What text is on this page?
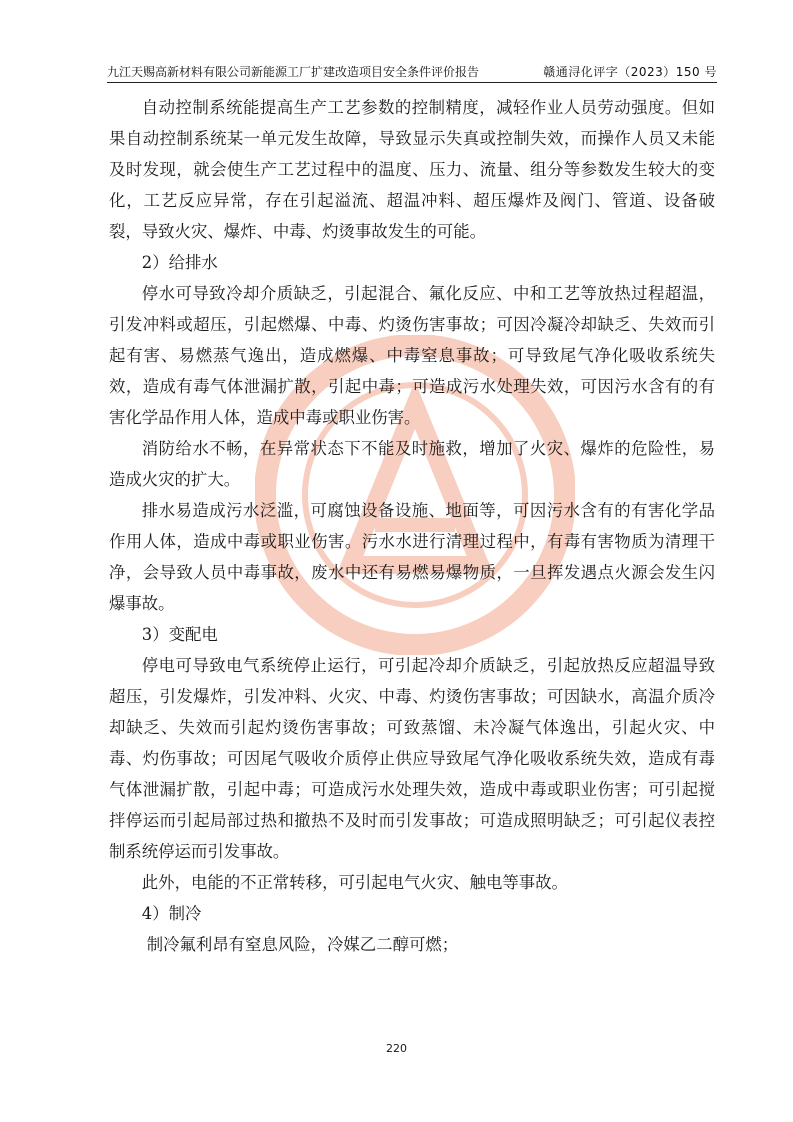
九江天赐高新材料有限公司新能源工厂扩建改造项目安全条件评价报告	赣通浔化评字（2023）150 号

自动控制系统能提高生产工艺参数的控制精度，减轻作业人员劳动强度。但如果自动控制系统某一单元发生故障，导致显示失真或控制失效，而操作人员又未能及时发现，就会使生产工艺过程中的温度、压力、流量、组分等参数发生较大的变化，工艺反应异常，存在引起溢流、超温冲料、超压爆炸及阀门、管道、设备破裂，导致火灾、爆炸、中毒、灼烫事故发生的可能。

2）给排水

停水可导致冷却介质缺乏，引起混合、氟化反应、中和工艺等放热过程超温，引发冲料或超压，引起燃爆、中毒、灼烫伤害事故；可因冷凝冷却缺乏、失效而引起有害、易燃蒸气逸出，造成燃爆、中毒窒息事故；可导致尾气净化吸收系统失效，造成有毒气体泄漏扩散，引起中毒；可造成污水处理失效，可因污水含有的有害化学品作用人体，造成中毒或职业伤害。

消防给水不畅，在异常状态下不能及时施救，增加了火灾、爆炸的危险性，易造成火灾的扩大。

排水易造成污水泛滥，可腐蚀设备设施、地面等，可因污水含有的有害化学品作用人体，造成中毒或职业伤害。污水水进行清理过程中，有毒有害物质为清理干净，会导致人员中毒事故，废水中还有易燃易爆物质，一旦挥发遇点火源会发生闪爆事故。

3）变配电

停电可导致电气系统停止运行，可引起冷却介质缺乏，引起放热反应超温导致超压，引发爆炸，引发冲料、火灾、中毒、灼烫伤害事故；可因缺水，高温介质冷却缺乏、失效而引起灼烫伤害事故；可致蒸馏、未冷凝气体逸出，引起火灾、中毒、灼伤事故；可因尾气吸收介质停止供应导致尾气净化吸收系统失效，造成有毒气体泄漏扩散，引起中毒；可造成污水处理失效，造成中毒或职业伤害；可引起搅拌停运而引起局部过热和撤热不及时而引发事故；可造成照明缺乏；可引起仪表控制系统停运而引发事故。

此外，电能的不正常转移，可引起电气火灾、触电等事故。

4）制冷

制冷氟利昂有窒息风险，冷媒乙二醇可燃；

220
